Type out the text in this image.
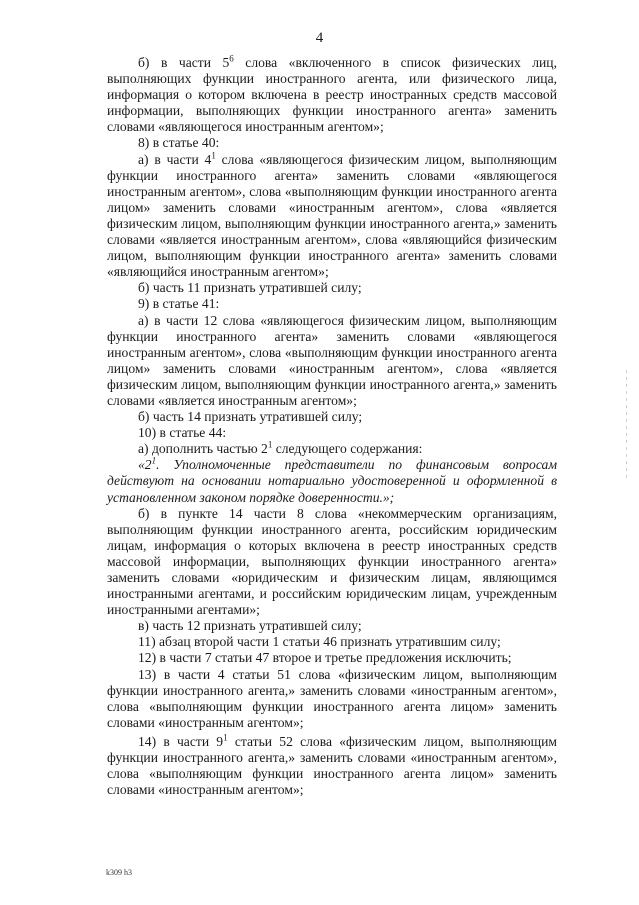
4

б) в части $5^6$ слова «включенного в список физических лиц, выполняющих функции иностранного агента, или физического лица, информация о котором включена в реестр иностранных средств массовой информации, выполняющих функции иностранного агента» заменить словами «являющегося иностранным агентом»;

8) в статье 40:

а) в части $4^1$ слова «являющегося физическим лицом, выполняющим функции иностранного агента» заменить словами «являющегося иностранным агентом», слова «выполняющим функции иностранного агента лицом» заменить словами «иностранным агентом», слова «является физическим лицом, выполняющим функции иностранного агента,» заменить словами «является иностранным агентом», слова «являющийся физическим лицом, выполняющим функции иностранного агента» заменить словами «являющийся иностранным агентом»;

б) часть 11 признать утратившей силу;

9) в статье 41:

а) в части 12 слова «являющегося физическим лицом, выполняющим функции иностранного агента» заменить словами «являющегося иностранным агентом», слова «выполняющим функции иностранного агента лицом» заменить словами «иностранным агентом», слова «является физическим лицом, выполняющим функции иностранного агента,» заменить словами «является иностранным агентом»;

б) часть 14 признать утратившей силу;

10) в статье 44:

а) дополнить частью $2^1$ следующего содержания:

«$2^1$. Уполномоченные представители по финансовым вопросам действуют на основании нотариально удостоверенной и оформленной в установленном законом порядке доверенности.»;

б) в пункте 14 части 8 слова «некоммерческим организациям, выполняющим функции иностранного агента, российским юридическим лицам, информация о которых включена в реестр иностранных средств массовой информации, выполняющих функции иностранного агента» заменить словами «юридическим и физическим лицам, являющимся иностранными агентами, и российским юридическим лицам, учрежденным иностранными агентами»;

в) часть 12 признать утратившей силу;

11) абзац второй части 1 статьи 46 признать утратившим силу;

12) в части 7 статьи 47 второе и третье предложения исключить;

13) в части 4 статьи 51 слова «физическим лицом, выполняющим функции иностранного агента,» заменить словами «иностранным агентом», слова «выполняющим функции иностранного агента лицом» заменить словами «иностранным агентом»;

14) в части $9^1$ статьи 52 слова «физическим лицом, выполняющим функции иностранного агента,» заменить словами «иностранным агентом», слова «выполняющим функции иностранного агента лицом» заменить словами «иностранным агентом»;

k309 h3
